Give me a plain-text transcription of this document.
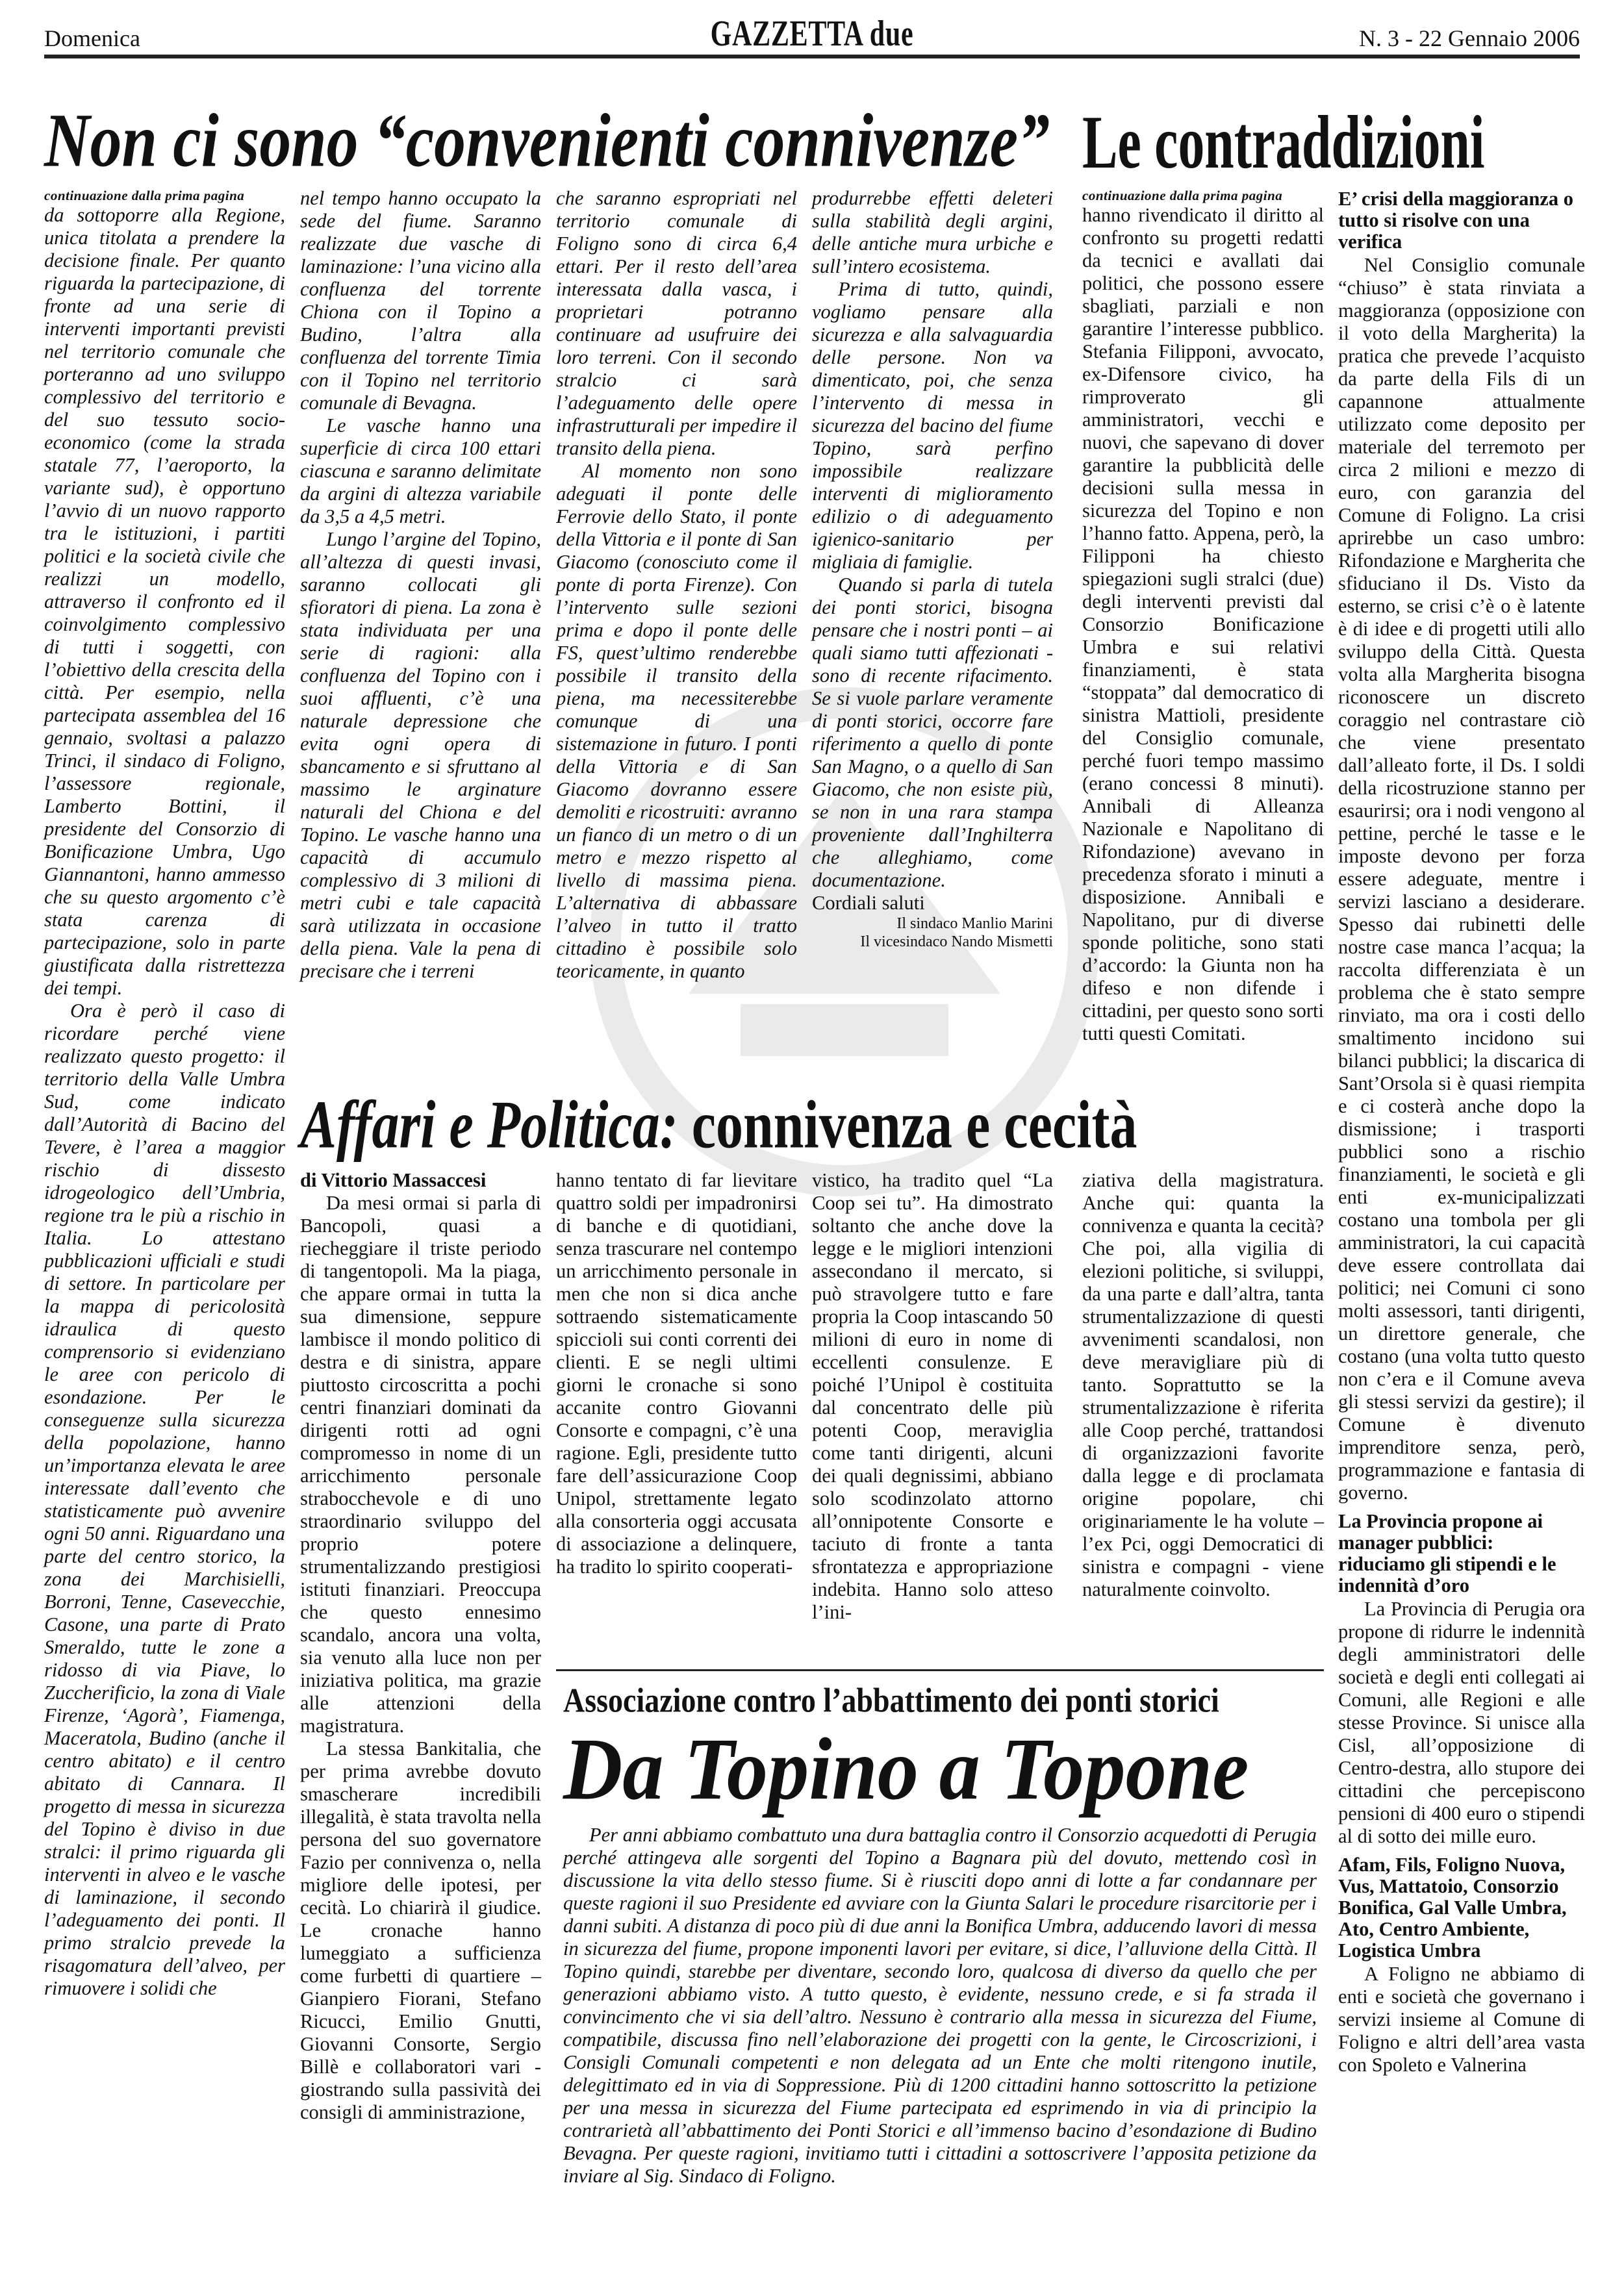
Domenica	GAZZETTA due	N. 3 - 22 Gennaio 2006
Non ci sono “convenienti connivenze”
continuazione dalla prima pagina

da sottoporre alla Regione, unica titolata a prendere la decisione finale. Per quanto riguarda la partecipazione, di fronte ad una serie di interventi importanti previsti nel territorio comunale che porteranno ad uno sviluppo complessivo del territorio e del suo tessuto socio-economico (come la strada statale 77, l’aeroporto, la variante sud), è opportuno l’avvio di un nuovo rapporto tra le istituzioni, i partiti politici e la società civile che realizzi un modello, attraverso il confronto ed il coinvolgimento complessivo di tutti i soggetti, con l’obiettivo della crescita della città. Per esempio, nella partecipata assemblea del 16 gennaio, svoltasi a palazzo Trinci, il sindaco di Foligno, l’assessore regionale, Lamberto Bottini, il presidente del Consorzio di Bonificazione Umbra, Ugo Giannantoni, hanno ammesso che su questo argomento c’è stata carenza di partecipazione, solo in parte giustificata dalla ristrettezza dei tempi.

Ora è però il caso di ricordare perché viene realizzato questo progetto: il territorio della Valle Umbra Sud, come indicato dall’Autorità di Bacino del Tevere, è l’area a maggior rischio di dissesto idrogeologico dell’Umbria, regione tra le più a rischio in Italia. Lo attestano pubblicazioni ufficiali e studi di settore. In particolare per la mappa di pericolosità idraulica di questo comprensorio si evidenziano le aree con pericolo di esondazione. Per le conseguenze sulla sicurezza della popolazione, hanno un’importanza elevata le aree interessate dall’evento che statisticamente può avvenire ogni 50 anni. Riguardano una parte del centro storico, la zona dei Marchisielli, Borroni, Tenne, Casevecchie, Casone, una parte di Prato Smeraldo, tutte le zone a ridosso di via Piave, lo Zuccherificio, la zona di Viale Firenze, ‘Agorà’, Fiamenga, Maceratola, Budino (anche il centro abitato) e il centro abitato di Cannara. Il progetto di messa in sicurezza del Topino è diviso in due stralci: il primo riguarda gli interventi in alveo e le vasche di laminazione, il secondo l’adeguamento dei ponti. Il primo stralcio prevede la risagomatura dell’alveo, per rimuovere i solidi che

nel tempo hanno occupato la sede del fiume. Saranno realizzate due vasche di laminazione: l’una vicino alla confluenza del torrente Chiona con il Topino a Budino, l’altra alla confluenza del torrente Timia con il Topino nel territorio comunale di Bevagna.

Le vasche hanno una superficie di circa 100 ettari ciascuna e saranno delimitate da argini di altezza variabile da 3,5 a 4,5 metri.

Lungo l’argine del Topino, all’altezza di questi invasi, saranno collocati gli sfioratori di piena. La zona è stata individuata per una serie di ragioni: alla confluenza del Topino con i suoi affluenti, c’è una naturale depressione che evita ogni opera di sbancamento e si sfruttano al massimo le arginature naturali del Chiona e del Topino. Le vasche hanno una capacità di accumulo complessivo di 3 milioni di metri cubi e tale capacità sarà utilizzata in occasione della piena. Vale la pena di precisare che i terreni

che saranno espropriati nel territorio comunale di Foligno sono di circa 6,4 ettari. Per il resto dell’area interessata dalla vasca, i proprietari potranno continuare ad usufruire dei loro terreni. Con il secondo stralcio ci sarà l’adeguamento delle opere infrastrutturali per impedire il transito della piena.

Al momento non sono adeguati il ponte delle Ferrovie dello Stato, il ponte della Vittoria e il ponte di San Giacomo (conosciuto come il ponte di porta Firenze). Con l’intervento sulle sezioni prima e dopo il ponte delle FS, quest’ultimo renderebbe possibile il transito della piena, ma necessiterebbe comunque di una sistemazione in futuro. I ponti della Vittoria e di San Giacomo dovranno essere demoliti e ricostruiti: avranno un fianco di un metro o di un metro e mezzo rispetto al livello di massima piena. L’alternativa di abbassare l’alveo in tutto il tratto cittadino è possibile solo teoricamente, in quanto

produrrebbe effetti deleteri sulla stabilità degli argini, delle antiche mura urbiche e sull’intero ecosistema.

Prima di tutto, quindi, vogliamo pensare alla sicurezza e alla salvaguardia delle persone. Non va dimenticato, poi, che senza l’intervento di messa in sicurezza del bacino del fiume Topino, sarà perfino impossibile realizzare interventi di miglioramento edilizio o di adeguamento igienico-sanitario per migliaia di famiglie.

Quando si parla di tutela dei ponti storici, bisogna pensare che i nostri ponti – ai quali siamo tutti affezionati - sono di recente rifacimento. Se si vuole parlare veramente di ponti storici, occorre fare riferimento a quello di ponte San Magno, o a quello di San Giacomo, che non esiste più, se non in una rara stampa proveniente dall’Inghilterra che alleghiamo, come documentazione.

Cordiali saluti

Il sindaco Manlio Marini
Il vicesindaco Nando Mismetti
Le contraddizioni
continuazione dalla prima pagina

hanno rivendicato il diritto al confronto su progetti redatti da tecnici e avallati dai politici, che possono essere sbagliati, parziali e non garantire l’interesse pubblico. Stefania Filipponi, avvocato, ex-Difensore civico, ha rimproverato gli amministratori, vecchi e nuovi, che sapevano di dover garantire la pubblicità delle decisioni sulla messa in sicurezza del Topino e non l’hanno fatto. Appena, però, la Filipponi ha chiesto spiegazioni sugli stralci (due) degli interventi previsti dal Consorzio Bonificazione Umbra e sui relativi finanziamenti, è stata “stoppata” dal democratico di sinistra Mattioli, presidente del Consiglio comunale, perché fuori tempo massimo (erano concessi 8 minuti). Annibali di Alleanza Nazionale e Napolitano di Rifondazione) avevano in precedenza sforato i minuti a disposizione. Annibali e Napolitano, pur di diverse sponde politiche, sono stati d’accordo: la Giunta non ha difeso e non difende i cittadini, per questo sono sorti tutti questi Comitati.

E’ crisi della maggioranza o tutto si risolve con una verifica

Nel Consiglio comunale “chiuso” è stata rinviata a maggioranza (opposizione con il voto della Margherita) la pratica che prevede l’acquisto da parte della Fils di un capannone attualmente utilizzato come deposito per materiale del terremoto per circa 2 milioni e mezzo di euro, con garanzia del Comune di Foligno. La crisi aprirebbe un caso umbro: Rifondazione e Margherita che sfiduciano il Ds. Visto da esterno, se crisi c’è o è latente è di idee e di progetti utili allo sviluppo della Città. Questa volta alla Margherita bisogna riconoscere un discreto coraggio nel contrastare ciò che viene presentato dall’alleato forte, il Ds. I soldi della ricostruzione stanno per esaurirsi; ora i nodi vengono al pettine, perché le tasse e le imposte devono per forza essere adeguate, mentre i servizi lasciano a desiderare. Spesso dai rubinetti delle nostre case manca l’acqua; la raccolta differenziata è un problema che è stato sempre rinviato, ma ora i costi dello smaltimento incidono sui bilanci pubblici; la discarica di Sant’Orsola si è quasi riempita e ci costerà anche dopo la dismissione; i trasporti pubblici sono a rischio finanziamenti, le società e gli enti ex-municipalizzati costano una tombola per gli amministratori, la cui capacità deve essere controllata dai politici; nei Comuni ci sono molti assessori, tanti dirigenti, un direttore generale, che costano (una volta tutto questo non c’era e il Comune aveva gli stessi servizi da gestire); il Comune è divenuto imprenditore senza, però, programmazione e fantasia di governo.

La Provincia propone ai manager pubblici: riduciamo gli stipendi e le indennità d’oro

La Provincia di Perugia ora propone di ridurre le indennità degli amministratori delle società e degli enti collegati ai Comuni, alle Regioni e alle stesse Province. Si unisce alla Cisl, all’opposizione di Centro-destra, allo stupore dei cittadini che percepiscono pensioni di 400 euro o stipendi al di sotto dei mille euro.

Afam, Fils, Foligno Nuova, Vus, Mattatoio, Consorzio Bonifica, Gal Valle Umbra, Ato, Centro Ambiente, Logistica Umbra

A Foligno ne abbiamo di enti e società che governano i servizi insieme al Comune di Foligno e altri dell’area vasta con Spoleto e Valnerina

Affari e Politica: connivenza e cecità
di Vittorio Massaccesi

Da mesi ormai si parla di Bancopoli, quasi a riecheggiare il triste periodo di tangentopoli. Ma la piaga, che appare ormai in tutta la sua dimensione, seppure lambisce il mondo politico di destra e di sinistra, appare piuttosto circoscritta a pochi centri finanziari dominati da dirigenti rotti ad ogni compromesso in nome di un arricchimento personale strabocchevole e di uno straordinario sviluppo del proprio potere strumentalizzando prestigiosi istituti finanziari. Preoccupa che questo ennesimo scandalo, ancora una volta, sia venuto alla luce non per iniziativa politica, ma grazie alle attenzioni della magistratura.

La stessa Bankitalia, che per prima avrebbe dovuto smascherare incredibili illegalità, è stata travolta nella persona del suo governatore Fazio per connivenza o, nella migliore delle ipotesi, per cecità. Lo chiarirà il giudice. Le cronache hanno lumeggiato a sufficienza come furbetti di quartiere – Gianpiero Fiorani, Stefano Ricucci, Emilio Gnutti, Giovanni Consorte, Sergio Billè e collaboratori vari - giostrando sulla passività dei consigli di amministrazione,

hanno tentato di far lievitare quattro soldi per impadronirsi di banche e di quotidiani, senza trascurare nel contempo un arricchimento personale in men che non si dica anche sottraendo sistematicamente spiccioli sui conti correnti dei clienti. E se negli ultimi giorni le cronache si sono accanite contro Giovanni Consorte e compagni, c’è una ragione. Egli, presidente tutto fare dell’assicurazione Coop Unipol, strettamente legato alla consorteria oggi accusata di associazione a delinquere, ha tradito lo spirito cooperati-

vistico, ha tradito quel “La Coop sei tu”. Ha dimostrato soltanto che anche dove la legge e le migliori intenzioni assecondano il mercato, si può stravolgere tutto e fare propria la Coop intascando 50 milioni di euro in nome di eccellenti consulenze. E poiché l’Unipol è costituita dal concentrato delle più potenti Coop, meraviglia come tanti dirigenti, alcuni dei quali degnissimi, abbiano solo scodinzolato attorno all’onnipotente Consorte e taciuto di fronte a tanta sfrontatezza e appropriazione indebita. Hanno solo atteso l’ini-

ziativa della magistratura. Anche qui: quanta la connivenza e quanta la cecità? Che poi, alla vigilia di elezioni politiche, si sviluppi, da una parte e dall’altra, tanta strumentalizzazione di questi avvenimenti scandalosi, non deve meravigliare più di tanto. Soprattutto se la strumentalizzazione è riferita alle Coop perché, trattandosi di organizzazioni favorite dalla legge e di proclamata origine popolare, chi originariamente le ha volute – l’ex Pci, oggi Democratici di sinistra e compagni - viene naturalmente coinvolto.

Associazione contro l’abbattimento dei ponti storici
Da Topino a Topone

Per anni abbiamo combattuto una dura battaglia contro il Consorzio acquedotti di Perugia perché attingeva alle sorgenti del Topino a Bagnara più del dovuto, mettendo così in discussione la vita dello stesso fiume. Si è riusciti dopo anni di lotte a far condannare per queste ragioni il suo Presidente ed avviare con la Giunta Salari le procedure risarcitorie per i danni subiti. A distanza di poco più di due anni la Bonifica Umbra, adducendo lavori di messa in sicurezza del fiume, propone imponenti lavori per evitare, si dice, l’alluvione della Città. Il Topino quindi, starebbe per diventare, secondo loro, qualcosa di diverso da quello che per generazioni abbiamo visto. A tutto questo, è evidente, nessuno crede, e si fa strada il convincimento che vi sia dell’altro. Nessuno è contrario alla messa in sicurezza del Fiume, compatibile, discussa fino nell’elaborazione dei progetti con la gente, le Circoscrizioni, i Consigli Comunali competenti e non delegata ad un Ente che molti ritengono inutile, delegittimato ed in via di Soppressione. Più di 1200 cittadini hanno sottoscritto la petizione per una messa in sicurezza del Fiume partecipata ed esprimendo in via di principio la contrarietà all’abbattimento dei Ponti Storici e all’immenso bacino d’esondazione di Budino Bevagna. Per queste ragioni, invitiamo tutti i cittadini a sottoscrivere l’apposita petizione da inviare al Sig. Sindaco di Foligno.
